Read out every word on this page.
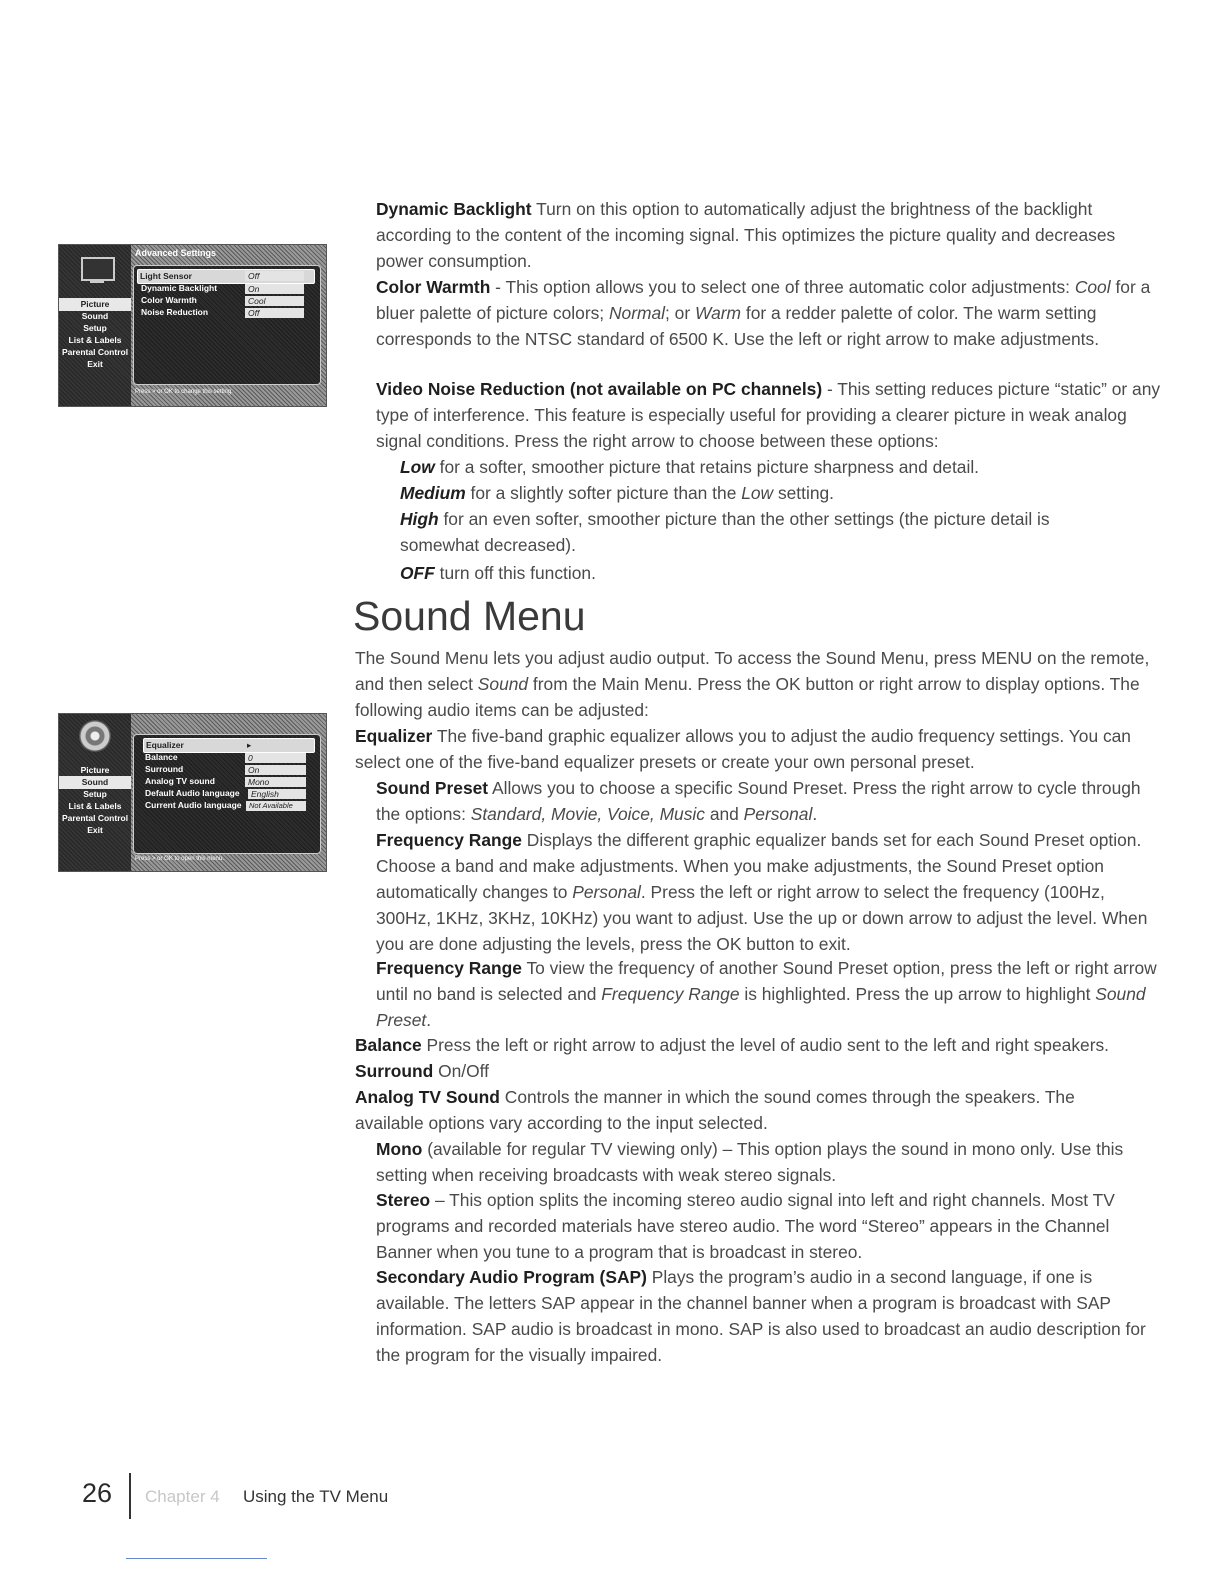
Advanced Settings
Picture
Sound
Setup
List & Labels
Parental Control
Exit
Light Sensor	Off
Dynamic Backlight	On
Color Warmth	Cool
Noise Reduction	Off
Press > or OK to change this setting.
Picture
Sound
Setup
List & Labels
Parental Control
Exit
Equalizer	▸
Balance	0
Surround	On
Analog TV sound	Mono
Default Audio language	English
Current Audio language	Not Available
Press > or OK to open this menu.
Dynamic Backlight Turn on this option to automatically adjust the brightness of the backlight according to the content of the incoming signal. This optimizes the picture quality and decreases power consumption.
Color Warmth - This option allows you to select one of three automatic color adjustments: Cool for a bluer palette of picture colors; Normal; or Warm for a redder palette of color. The warm setting corresponds to the NTSC standard of 6500 K. Use the left or right arrow to make adjustments.
Video Noise Reduction (not available on PC channels) - This setting reduces picture “static” or any type of interference. This feature is especially useful for providing a clearer picture in weak analog signal conditions. Press the right arrow to choose between these options:
Low for a softer, smoother picture that retains picture sharpness and detail.
Medium for a slightly softer picture than the Low setting.
High for an even softer, smoother picture than the other settings (the picture detail is somewhat decreased).
OFF turn off this function.
Sound Menu
The Sound Menu lets you adjust audio output. To access the Sound Menu, press MENU on the remote, and then select Sound from the Main Menu. Press the OK button or right arrow to display options. The following audio items can be adjusted:
Equalizer The five-band graphic equalizer allows you to adjust the audio frequency settings. You can select one of the five-band equalizer presets or create your own personal preset.
Sound Preset Allows you to choose a specific Sound Preset. Press the right arrow to cycle through the options: Standard, Movie, Voice, Music and Personal.
Frequency Range Displays the different graphic equalizer bands set for each Sound Preset option. Choose a band and make adjustments. When you make adjustments, the Sound Preset option automatically changes to Personal. Press the left or right arrow to select the frequency (100Hz, 300Hz, 1KHz, 3KHz, 10KHz) you want to adjust. Use the up or down arrow to adjust the level. When you are done adjusting the levels, press the OK button to exit.
Frequency Range To view the frequency of another Sound Preset option, press the left or right arrow until no band is selected and Frequency Range is highlighted. Press the up arrow to highlight Sound Preset.
Balance Press the left or right arrow to adjust the level of audio sent to the left and right speakers.
Surround On/Off
Analog TV Sound Controls the manner in which the sound comes through the speakers. The available options vary according to the input selected.
Mono (available for regular TV viewing only) – This option plays the sound in mono only. Use this setting when receiving broadcasts with weak stereo signals.
Stereo – This option splits the incoming stereo audio signal into left and right channels. Most TV programs and recorded materials have stereo audio. The word “Stereo” appears in the Channel Banner when you tune to a program that is broadcast in stereo.
Secondary Audio Program (SAP) Plays the program’s audio in a second language, if one is available. The letters SAP appear in the channel banner when a program is broadcast with SAP information. SAP audio is broadcast in mono. SAP is also used to broadcast an audio description for the program for the visually impaired.
26 Chapter 4 Using the TV Menu
